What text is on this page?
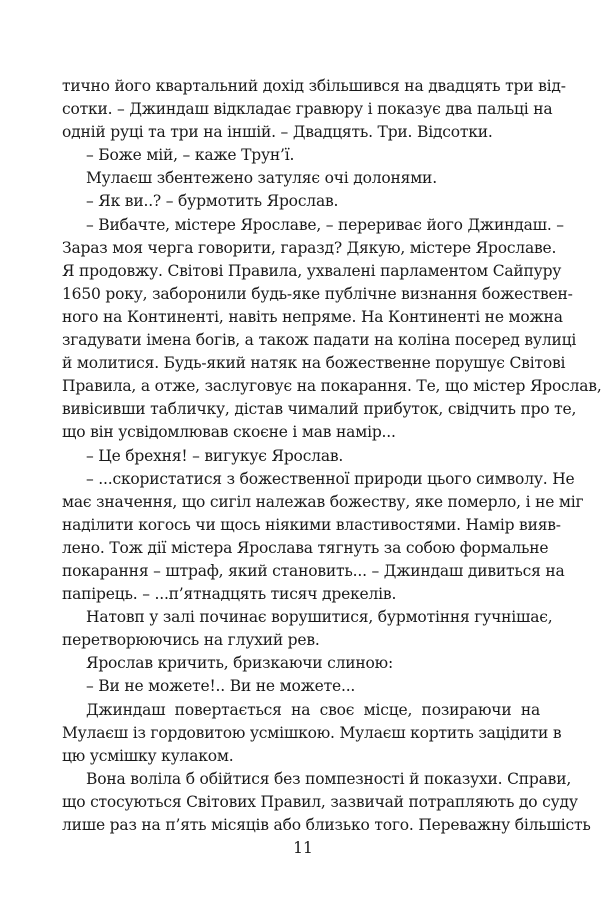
тично його квартальний дохід збільшився на двадцять три від-
сотки. – Джиндаш відкладає гравюру і показує два пальці на
одній руці та три на іншій. – Двадцять. Три. Відсотки.
– Боже мій, – каже Трун’ї.
Мулаєш збентежено затуляє очі долонями.
– Як ви..? – бурмотить Ярослав.
– Вибачте, містере Ярославе, – перериває його Джиндаш. –
Зараз моя черга говорити, гаразд? Дякую, містере Ярославе.
Я продовжу. Світові Правила, ухвалені парламентом Сайпуру
1650 року, заборонили будь-яке публічне визнання божествен-
ного на Континенті, навіть непряме. На Континенті не можна
згадувати імена богів, а також падати на коліна посеред вулиці
й молитися. Будь-який натяк на божественне порушує Світові
Правила, а отже, заслуговує на покарання. Те, що містер Ярослав,
вивісивши табличку, дістав чималий прибуток, свідчить про те,
що він усвідомлював скоєне і мав намір...
– Це брехня! – вигукує Ярослав.
– ...скористатися з божественної природи цього символу. Не
має значення, що сигіл належав божеству, яке померло, і не міг
наділити когось чи щось ніякими властивостями. Намір вияв-
лено. Тож дії містера Ярослава тягнуть за собою формальне
покарання – штраф, який становить... – Джиндаш дивиться на
папірець. – ...п’ятнадцять тисяч дрекелів.
Натовп у залі починає ворушитися, бурмотіння гучнішає,
перетворюючись на глухий рев.
Ярослав кричить, бризкаючи слиною:
– Ви не можете!.. Ви не можете...
Джиндаш повертається на своє місце, позираючи на
Мулаєш із гордовитою усмішкою. Мулаєш кортить зацідити в
цю усмішку кулаком.
Вона воліла б обійтися без помпезності й показухи. Справи,
що стосуються Світових Правил, зазвичай потрапляють до суду
лише раз на п’ять місяців або близько того. Переважну більшість
11
